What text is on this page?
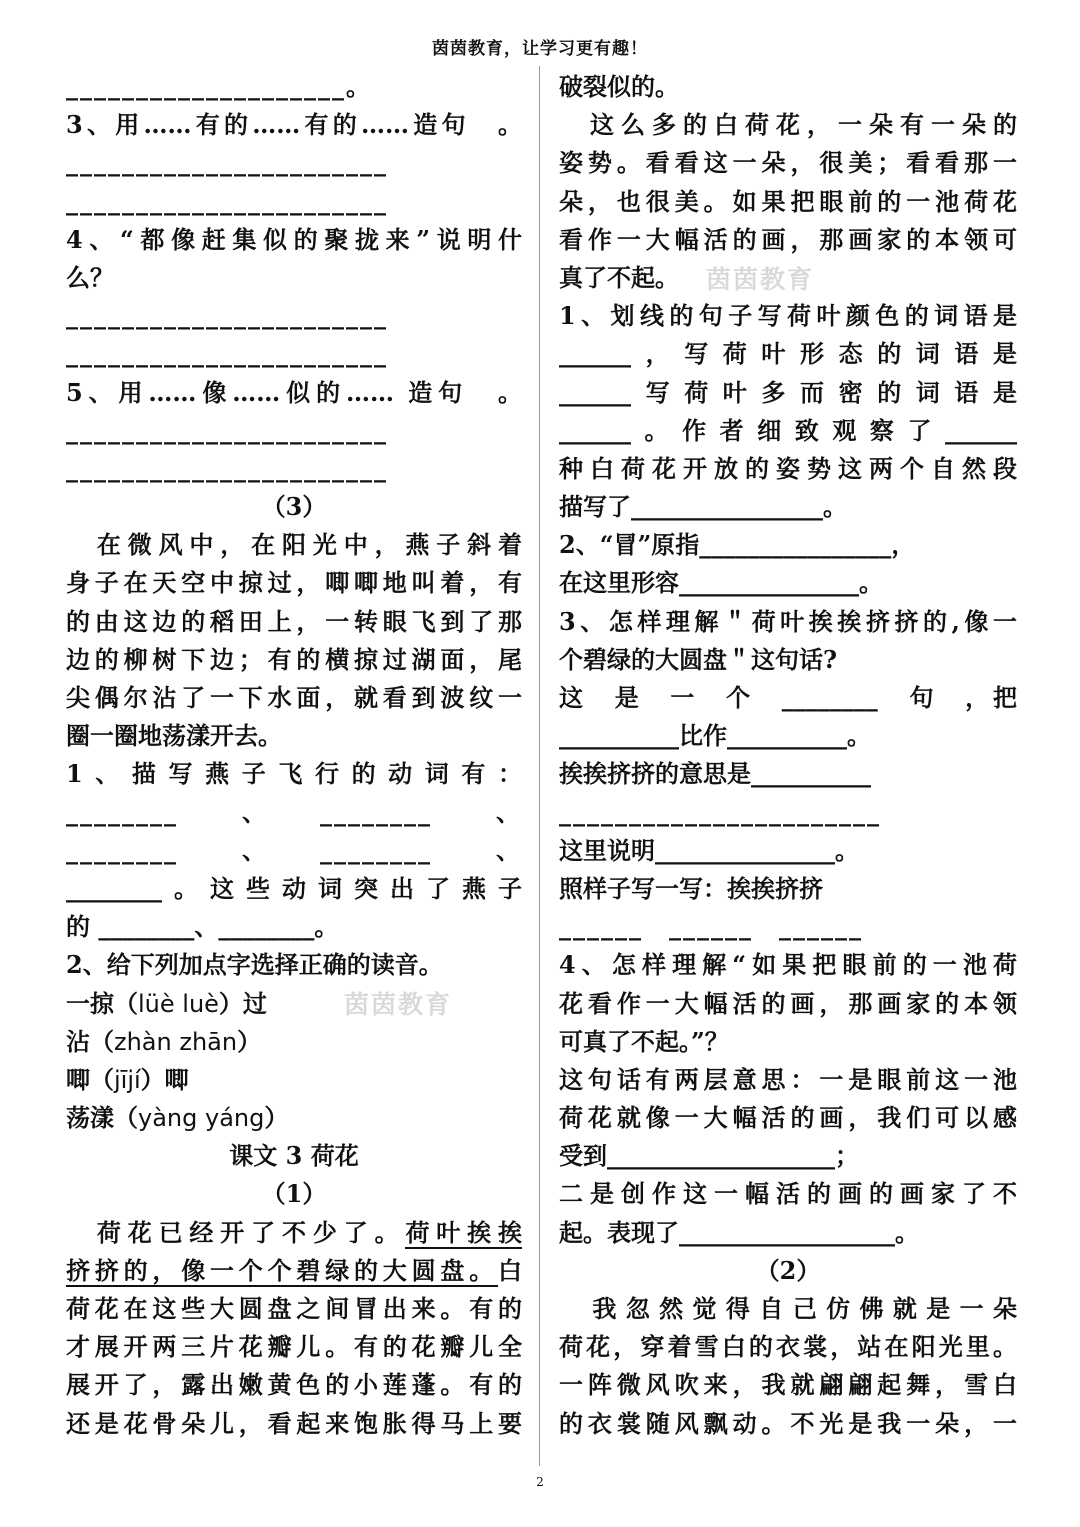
茵茵教育，让学习更有趣！
____________________。
3、用……有的……有的……造句　。
_______________________
_______________________
4、“都像赶集似的聚拢来”说明什
么？
_______________________
_______________________
5、用……像……似的…… 造句　。
_______________________
_______________________
（3）
　在微风中，在阳光中，燕子斜着
身子在天空中掠过，唧唧地叫着，有
的由这边的稻田上，一转眼飞到了那
边的柳树下边；有的横掠过湖面，尾
尖偶尔沾了一下水面，就看到波纹一
圈一圈地荡漾开去。
1、描写燕子飞行的动词有：
________　、　________　、
________　、　________　、
________。这些动词突出了燕子
的 ________、________。
2、给下列加点字选择正确的读音。
一掠（lüè luè）过
沾（zhàn zhān）
唧（jījí）唧
荡漾（yàng yáng）
课文 3 荷花
（1）
　荷花已经开了不少了。荷叶挨挨
挤挤的，像一个个碧绿的大圆盘。白
荷花在这些大圆盘之间冒出来。有的
才展开两三片花瓣儿。有的花瓣儿全
展开了，露出嫩黄色的小莲蓬。有的
还是花骨朵儿，看起来饱胀得马上要
破裂似的。
　这么多的白荷花，一朵有一朵的
姿势。看看这一朵，很美；看看那一
朵，也很美。如果把眼前的一池荷花
看作一大幅活的画，那画家的本领可
真了不起。
1、划线的句子写荷叶颜色的词语是
______，写荷叶形态的词语是
______写荷叶多而密的词语是
______。作者细致观察了______
种白荷花开放的姿势这两个自然段
描写了________________。
2、“冒”原指________________，
在这里形容_______________。
3、怎样理解＂荷叶挨挨挤挤的,像一
个碧绿的大圆盘＂这句话?
这　是　一　个　________　句　，把
__________比作__________。
挨挨挤挤的意思是__________
_______________________
这里说明_______________。
照样子写一写：挨挨挤挤
______　______　______
4、怎样理解“如果把眼前的一池荷
花看作一大幅活的画，那画家的本领
可真了不起。”？
这句话有两层意思：一是眼前这一池
荷花就像一大幅活的画，我们可以感
受到___________________；
二是创作这一幅活的画的画家了不
起。表现了__________________。
（2）
　我忽然觉得自己仿佛就是一朵
荷花，穿着雪白的衣裳，站在阳光里。
一阵微风吹来，我就翩翩起舞，雪白
的衣裳随风飘动。不光是我一朵，一
茵茵教育
茵茵教育
2
